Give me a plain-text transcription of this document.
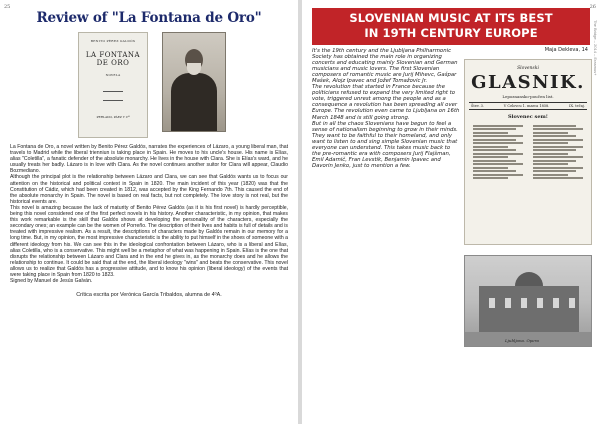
25
Review of "La Fontana de Oro"
BENITO PÉREZ GALDÓS
LA FONTANA DE ORO
NOVELA
PERLADO, PÁEZ Y Cª

La Fontana de Oro, a novel written by Benito Pérez Galdós, narrates the experiences of Lázaro, a young liberal man, that travels to Madrid while the liberal trienniun is taking place in Spain. He moves to his uncle's house. His name is Elías, alias "Coletilla", a fanatic defender of the absolute monarchy. He lives in the house with Clara. She is Elías's ward, and he usually treats her badly. Lázaro is in love with Clara. As the novel continues another suitor for Clara will appear, Claudio Bozmediano.

Although the principal plot is the relationship between Lázaro and Clara, we can see that Galdós wants us to focus our attention on the historical and political context in Spain in 1820. The main incident of this year (1820) was that the Constitution of Cádiz, which had been created in 1812, was accepted by the King Fernando 7th. This caused the end of the absolute monarchy in Spain. The novel is based on real facts, but not completely. The love story is not real, but the historical events are.

This novel is amazing because the lack of maturity of Benito Pérez Galdós (as it is his first novel) is hardly perceptible, being this novel considered one of the first perfect novels in his history. Another characteristic, in my opinion, that makes this work remarkable is the skill that Galdós shows at developing the personality of the characters, especially the secondary ones; an example can be the women of Porreño. The description of their lives and habits is full of details and is treated with impressive realism. As a result, the descriptions of characters made by Galdós remain in our memory for a long time. But, in my opinion, the most impressive characteristic is the ability to put himself in the shoes of someone with a different ideology from his. We can see this in the ideological confrontation between Lázaro, who is a liberal and Elías, alias Coletilla, who is a conservative. This might well be a metaphor of what was happening in Spain. Elías is the one that disrupts the relationship between Lázaro and Clara and in the end he gives in, as the monarchy does and he allows the relationship to continue. It could be said that at the end, the liberal ideology "wins" and beats the conservative. This novel allows us to realize that Galdós has a progressive attitude, and to know his opinion (liberal ideology) of the events that were taking place in Spain from 1820 to 1823.

Signed by Manuel de Jesús Galván.

Crítica escrita por Verónica García Tribaldos, alumna de 4ºA.
26
The Bridge – 2014 – Erasmus+
SLOVENIAN MUSIC AT ITS BEST
IN 19TH CENTURY EUROPE

It's the 19th century and the Ljubljana Philharmonic Society has obtained the main role in organizing concerts and educating mainly Slovenian and German musicians and music lovers. The first Slovenian composers of romantic music are Jurij Mihevc, Gašpar Mašek, Alojz Ipavec and Jožef Tomažovic Jr.

The revolution that started in France because the politicians refused to expand the very limited right to vote, triggered unrest among the people and as a consequence a revolution has been spreading all over Europe. The revolution even came to Ljubljana on 16th March 1848 and is still going strong.

But in all the chaos Slovenians have begun to feel a sense of nationalism beginning to grow in their minds. They want to be faithful to their homeland, and only want to listen to and sing simple Slovenian music that everyone can understand. This takes music back to the pre-romantic era with composers Jurij Flajšman, Emil Adamič, Fran Levstik, Benjamin Ipavec and Davorin Jenko, just to mention a few.

Maja Dekleva, 14
Slovenski
GLASNIK.
Lepoznansko-poučen list.
Štev. 3.	V Celovcu 1. marca 1858.	IX. tečaj.
Slovenec sem!
Ljubljana. Opera
